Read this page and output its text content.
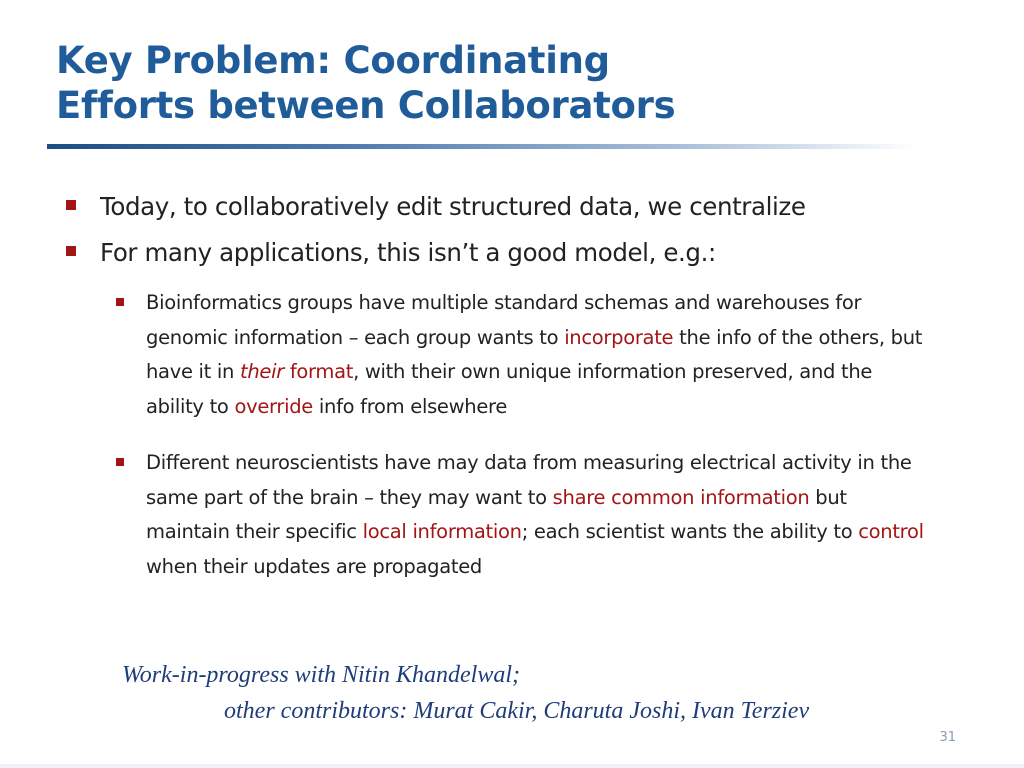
Key Problem: Coordinating
Efforts between Collaborators
Today, to collaboratively edit structured data, we centralize
For many applications, this isn’t a good model, e.g.:
Bioinformatics groups have multiple standard schemas and warehouses for genomic information – each group wants to incorporate the info of the others, but have it in their format, with their own unique information preserved, and the ability to override info from elsewhere
Different neuroscientists have may data from measuring electrical activity in the same part of the brain – they may want to share common information but maintain their specific local information; each scientist wants the ability to control when their updates are propagated
Work-in-progress with Nitin Khandelwal;
other contributors: Murat Cakir, Charuta Joshi, Ivan Terziev
31
